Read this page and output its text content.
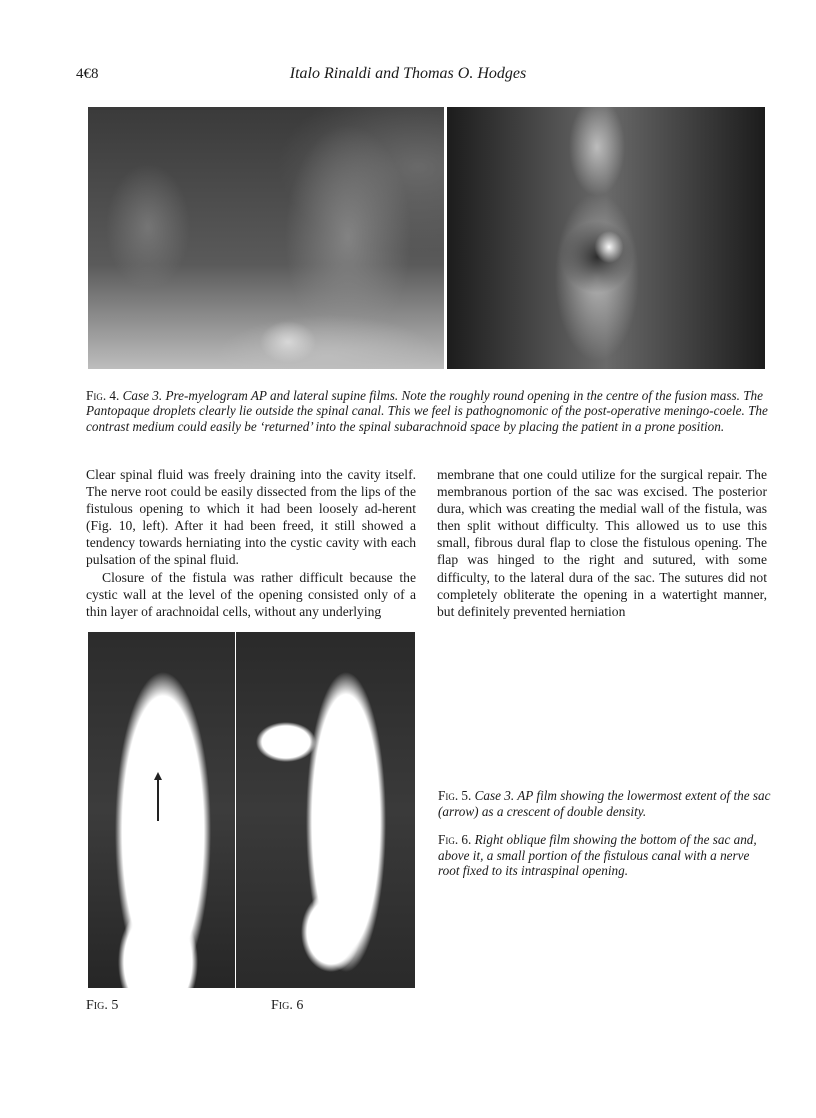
4€8	Italo Rinaldi and Thomas O. Hodges
Fig. 4. Case 3. Pre-myelogram AP and lateral supine films. Note the roughly round opening in the centre of the fusion mass. The Pantopaque droplets clearly lie outside the spinal canal. This we feel is pathognomonic of the post-operative meningo-coele. The contrast medium could easily be ‘returned’ into the spinal subarachnoid space by placing the patient in a prone position.

Clear spinal fluid was freely draining into the cavity itself. The nerve root could be easily dissected from the lips of the fistulous opening to which it had been loosely ad-herent (Fig. 10, left). After it had been freed, it still showed a tendency towards herniating into the cystic cavity with each pulsation of the spinal fluid.

Closure of the fistula was rather difficult because the cystic wall at the level of the opening consisted only of a thin layer of arachnoidal cells, without any underlying

membrane that one could utilize for the surgical repair. The membranous portion of the sac was excised. The posterior dura, which was creating the medial wall of the fistula, was then split without difficulty. This allowed us to use this small, fibrous dural flap to close the fistulous opening. The flap was hinged to the right and sutured, with some difficulty, to the lateral dura of the sac. The sutures did not completely obliterate the opening in a watertight manner, but definitely prevented herniation

Fig. 5	Fig. 6
Fig. 5. Case 3. AP film showing the lowermost extent of the sac (arrow) as a crescent of double density.
Fig. 6. Right oblique film showing the bottom of the sac and, above it, a small portion of the fistulous canal with a nerve root fixed to its intraspinal opening.
